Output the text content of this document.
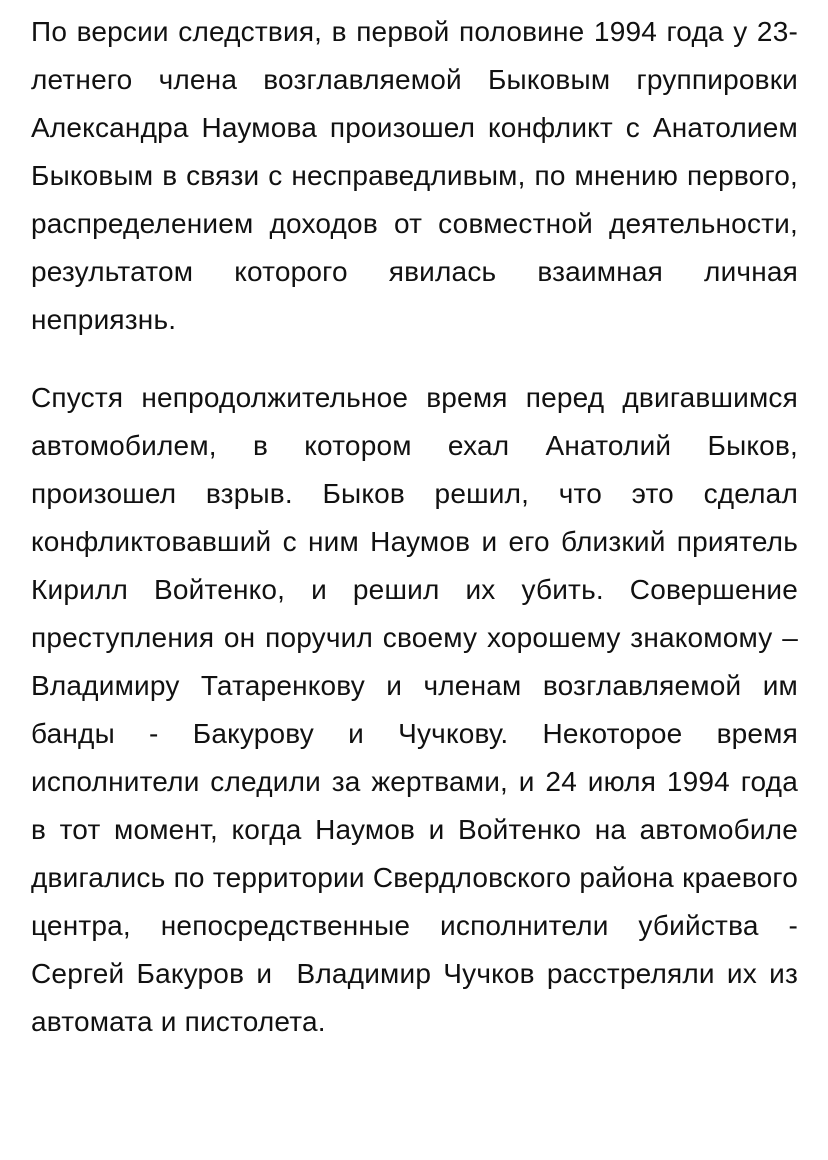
По версии следствия, в первой половине 1994 года у 23-летнего члена возглавляемой Быковым группировки Александра Наумова произошел конфликт с Анатолием Быковым в связи с несправедливым, по мнению первого, распределением доходов от совместной деятельности, результатом которого явилась взаимная личная неприязнь.

Спустя непродолжительное время перед двигавшимся автомобилем, в котором ехал Анатолий Быков, произошел взрыв. Быков решил, что это сделал конфликтовавший с ним Наумов и его близкий приятель Кирилл Войтенко, и решил их убить. Совершение преступления он поручил своему хорошему знакомому – Владимиру Татаренкову и членам возглавляемой им банды - Бакурову и Чучкову. Некоторое время исполнители следили за жертвами, и 24 июля 1994 года в тот момент, когда Наумов и Войтенко на автомобиле двигались по территории Свердловского района краевого центра, непосредственные исполнители убийства - Сергей Бакуров и  Владимир Чучков расстреляли их из автомата и пистолета.
